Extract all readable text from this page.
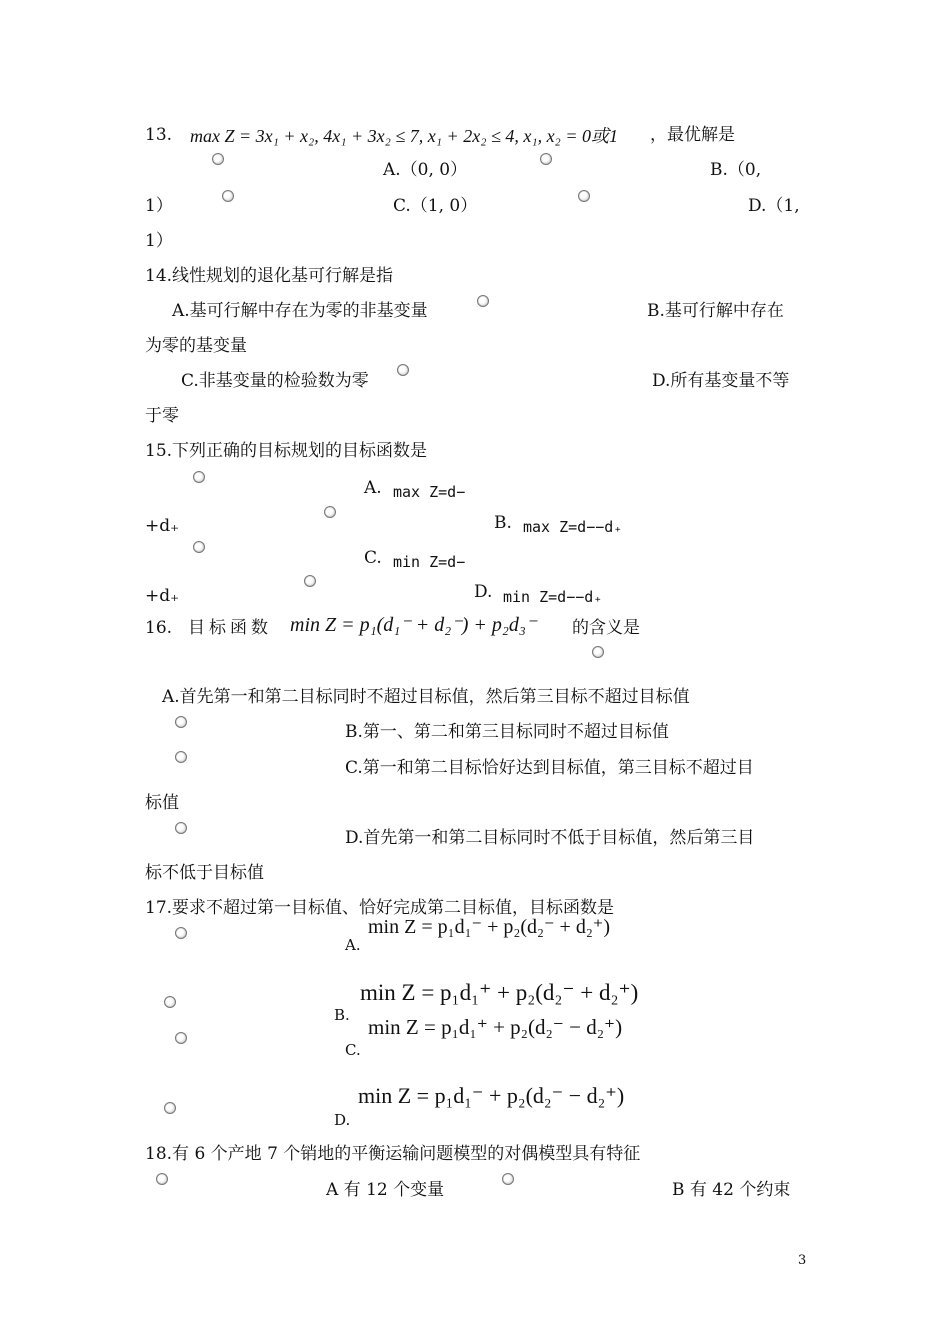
13. max Z = 3x₁ + x₂, 4x₁ + 3x₂ ≤ 7, x₁ + 2x₂ ≤ 4, x₁, x₂ = 0或1 ，最优解是
A.（0, 0）	B.（0,
1）	C.（1, 0）	D.（1,
1）
14.线性规划的退化基可行解是指
A.基可行解中存在为零的非基变量	B.基可行解中存在
为零的基变量
C.非基变量的检验数为零	D.所有基变量不等
于零
15.下列正确的目标规划的目标函数是
A. max Z=d−
+d₊	B. max Z=d−−d₊
C. min Z=d−
+d₊	D. min Z=d−−d₊
16. 目标函数 min Z = p₁(d₁⁻ + d₂⁻) + p₂d₃⁻ 的含义是
A.首先第一和第二目标同时不超过目标值，然后第三目标不超过目标值
B.第一、第二和第三目标同时不超过目标值
C.第一和第二目标恰好达到目标值，第三目标不超过目
标值
D.首先第一和第二目标同时不低于目标值，然后第三目
标不低于目标值
17.要求不超过第一目标值、恰好完成第二目标值，目标函数是
A.
min Z = p₁d₁⁻ + p₂(d₂⁻ + d₂⁺)
B.
min Z = p₁d₁⁺ + p₂(d₂⁻ + d₂⁺)
C.
min Z = p₁d₁⁺ + p₂(d₂⁻ − d₂⁺)
D.
min Z = p₁d₁⁻ + p₂(d₂⁻ − d₂⁺)
18.有 6 个产地 7 个销地的平衡运输问题模型的对偶模型具有特征
A 有 12 个变量	B 有 42 个约束
3
